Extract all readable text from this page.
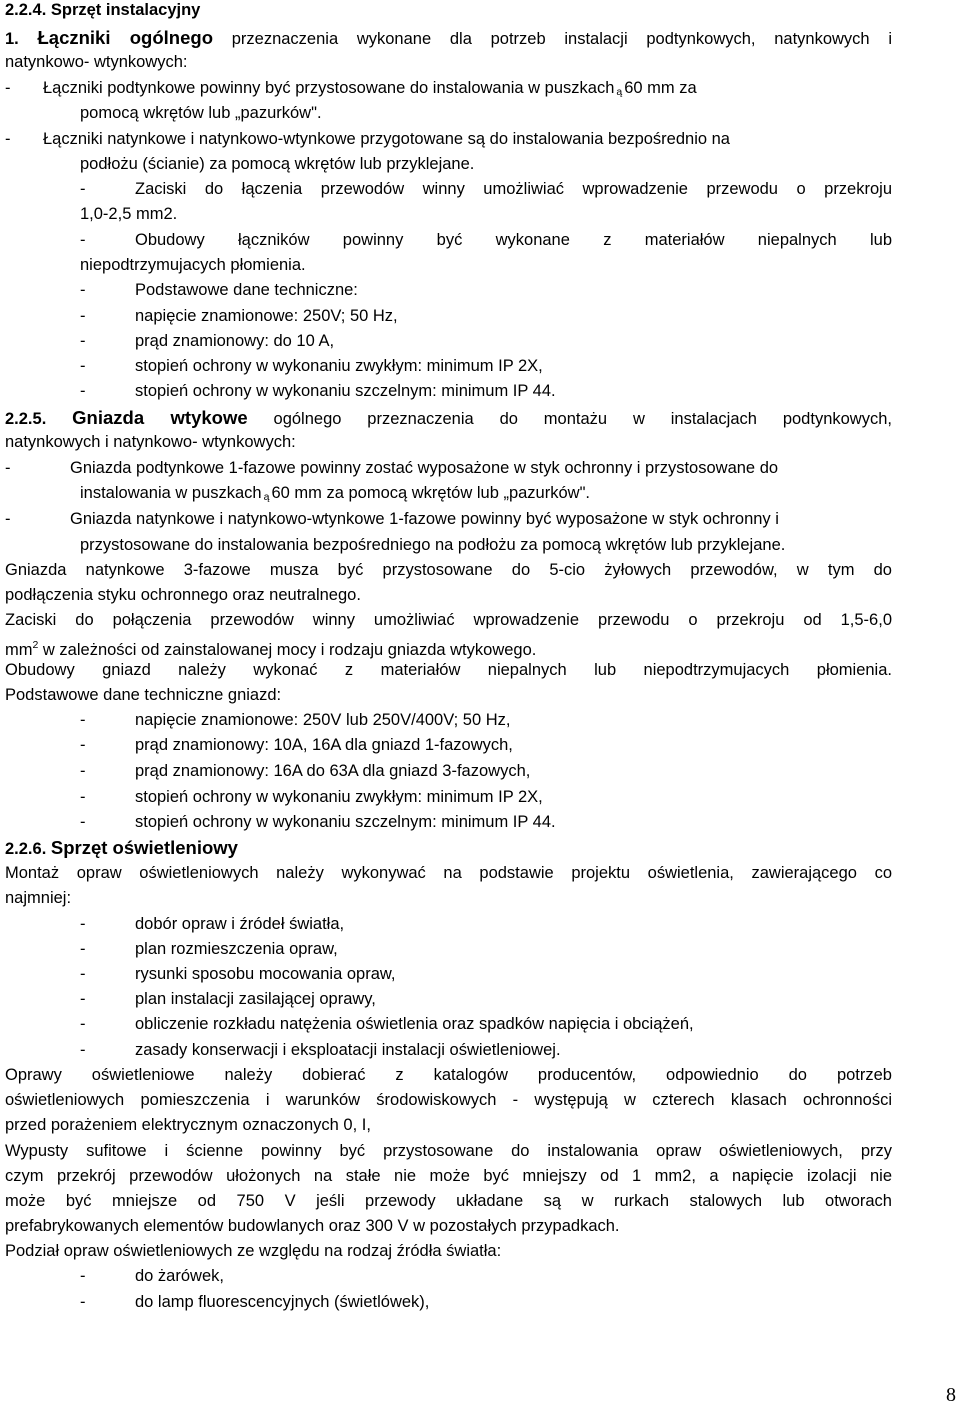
2.2.4. Sprzęt instalacyjny
1. Łączniki ogólnego przeznaczenia wykonane dla potrzeb instalacji podtynkowych, natynkowych i
natynkowo- wtynkowych:
- Łączniki podtynkowe powinny być przystosowane do instalowania w puszkach ą 60 mm za
pomocą wkrętów lub „pazurków".
- Łączniki natynkowe i natynkowo-wtynkowe przygotowane są do instalowania bezpośrednio na
podłożu (ścianie) za pomocą wkrętów lub przyklejane.
-	Zaciski do łączenia przewodów winny umożliwiać wprowadzenie przewodu o przekroju
1,0-2,5 mm2.
-	Obudowy łączników powinny być wykonane z materiałów niepalnych lub
niepodtrzymujacych płomienia.
-	Podstawowe dane techniczne:
-	napięcie znamionowe: 250V; 50 Hz,
-	prąd znamionowy: do 10 A,
-	stopień ochrony w wykonaniu zwykłym: minimum IP 2X,
-	stopień ochrony w wykonaniu szczelnym: minimum IP 44.
2.2.5. Gniazda wtykowe ogólnego przeznaczenia do montażu w instalacjach podtynkowych,
natynkowych i natynkowo- wtynkowych:
-	Gniazda podtynkowe 1-fazowe powinny zostać wyposażone w styk ochronny i przystosowane do
instalowania w puszkach ą 60 mm za pomocą wkrętów lub „pazurków".
-	Gniazda natynkowe i natynkowo-wtynkowe 1-fazowe powinny być wyposażone w styk ochronny i
przystosowane do instalowania bezpośredniego na podłożu za pomocą wkrętów lub przyklejane.
Gniazda natynkowe 3-fazowe musza być przystosowane do 5-cio żyłowych przewodów, w tym do
podłączenia styku ochronnego oraz neutralnego.
Zaciski do połączenia przewodów winny umożliwiać wprowadzenie przewodu o przekroju od 1,5-6,0
$mm^2$ w zależności od zainstalowanej mocy i rodzaju gniazda wtykowego.
Obudowy gniazd należy wykonać z materiałów niepalnych lub niepodtrzymujacych płomienia.
Podstawowe dane techniczne gniazd:
-	napięcie znamionowe: 250V lub 250V/400V; 50 Hz,
-	prąd znamionowy: 10A, 16A dla gniazd 1-fazowych,
-	prąd znamionowy: 16A do 63A dla gniazd 3-fazowych,
-	stopień ochrony w wykonaniu zwykłym: minimum IP 2X,
-	stopień ochrony w wykonaniu szczelnym: minimum IP 44.
2.2.6. Sprzęt oświetleniowy
Montaż opraw oświetleniowych należy wykonywać na podstawie projektu oświetlenia, zawierającego co
najmniej:
-	dobór opraw i źródeł światła,
-	plan rozmieszczenia opraw,
-	rysunki sposobu mocowania opraw,
-	plan instalacji zasilającej oprawy,
-	obliczenie rozkładu natężenia oświetlenia oraz spadków napięcia i obciążeń,
-	zasady konserwacji i eksploatacji instalacji oświetleniowej.
Oprawy oświetleniowe należy dobierać z katalogów producentów, odpowiednio do potrzeb
oświetleniowych pomieszczenia i warunków środowiskowych - występują w czterech klasach ochronności
przed porażeniem elektrycznym oznaczonych 0, I,
Wypusty sufitowe i ścienne powinny być przystosowane do instalowania opraw oświetleniowych, przy
czym przekrój przewodów ułożonych na stałe nie może być mniejszy od 1 mm2, a napięcie izolacji nie
może być mniejsze od 750 V jeśli przewody układane są w rurkach stalowych lub otworach
prefabrykowanych elementów budowlanych oraz 300 V w pozostałych przypadkach.
Podział opraw oświetleniowych ze względu na rodzaj źródła światła:
-	do żarówek,
-	do lamp fluorescencyjnych (świetlówek),
8
